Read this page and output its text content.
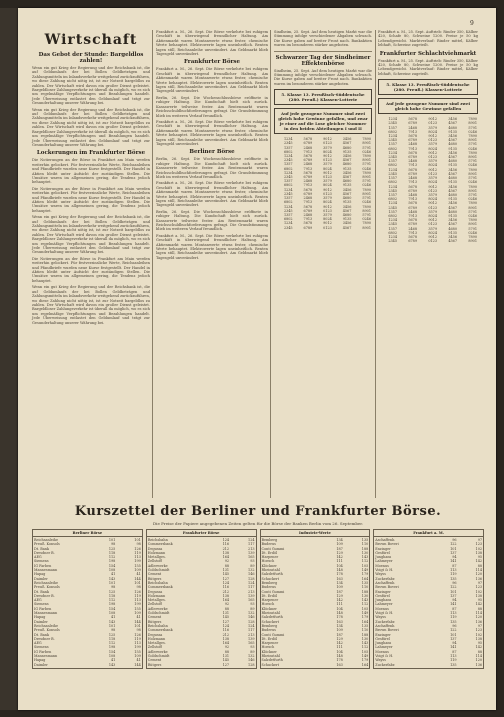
9
Wirtschaft
Das Gebot der Stunde: Bargeldlos zahlen!
Wenn ein gut Krieg der Regierung und der Reichsbank ist, die auf Geldumlaufs der bei Bollen Geldbeträgen und Zahlungsmitteln im Inlandsverkehr weitgehend zurückzuführen, wo diese Zahlung nicht nötig ist, ist zur Notzeit bargeldlos zu zahlen. Der Wirtschaft wird davon ein großer Dienst geleistet. Bargeldloser Zahlungsverkehr ist überall da möglich, wo es sich um regelmäßige Verpflichtungen und Bezahlungen handelt. Jede Überweisung entlastet den Geldumlauf und trägt zur Gesunderhaltung unserer Währung bei.
Wenn ein gut Krieg der Regierung und der Reichsbank ist, die auf Geldumlaufs der bei Bollen Geldbeträgen und Zahlungsmitteln im Inlandsverkehr weitgehend zurückzuführen, wo diese Zahlung nicht nötig ist, ist zur Notzeit bargeldlos zu zahlen. Der Wirtschaft wird davon ein großer Dienst geleistet. Bargeldloser Zahlungsverkehr ist überall da möglich, wo es sich um regelmäßige Verpflichtungen und Bezahlungen handelt. Jede Überweisung entlastet den Geldumlauf und trägt zur Gesunderhaltung unserer Währung bei.
Lockerungen im Frankfurter Börse
Die Notierungen an der Börse in Frankfurt am Main werden weiterhin gelockert. Für festverzinsliche Werte, Reichsanleihen und Pfandbriefe wurden neue Kurse festgestellt. Der Handel in Aktien bleibt unter Aufsicht der zuständigen Stellen. Die Umsätze waren im allgemeinen gering, die Tendenz jedoch behauptet.
Die Notierungen an der Börse in Frankfurt am Main werden weiterhin gelockert. Für festverzinsliche Werte, Reichsanleihen und Pfandbriefe wurden neue Kurse festgestellt. Der Handel in Aktien bleibt unter Aufsicht der zuständigen Stellen. Die Umsätze waren im allgemeinen gering, die Tendenz jedoch behauptet.
Wenn ein gut Krieg der Regierung und der Reichsbank ist, die auf Geldumlaufs der bei Bollen Geldbeträgen und Zahlungsmitteln im Inlandsverkehr weitgehend zurückzuführen, wo diese Zahlung nicht nötig ist, ist zur Notzeit bargeldlos zu zahlen. Der Wirtschaft wird davon ein großer Dienst geleistet. Bargeldloser Zahlungsverkehr ist überall da möglich, wo es sich um regelmäßige Verpflichtungen und Bezahlungen handelt. Jede Überweisung entlastet den Geldumlauf und trägt zur Gesunderhaltung unserer Währung bei.
Die Notierungen an der Börse in Frankfurt am Main werden weiterhin gelockert. Für festverzinsliche Werte, Reichsanleihen und Pfandbriefe wurden neue Kurse festgestellt. Der Handel in Aktien bleibt unter Aufsicht der zuständigen Stellen. Die Umsätze waren im allgemeinen gering, die Tendenz jedoch behauptet.
Wenn ein gut Krieg der Regierung und der Reichsbank ist, die auf Geldumlaufs der bei Bollen Geldbeträgen und Zahlungsmitteln im Inlandsverkehr weitgehend zurückzuführen, wo diese Zahlung nicht nötig ist, ist zur Notzeit bargeldlos zu zahlen. Der Wirtschaft wird davon ein großer Dienst geleistet. Bargeldloser Zahlungsverkehr ist überall da möglich, wo es sich um regelmäßige Verpflichtungen und Bezahlungen handelt. Jede Überweisung entlastet den Geldumlauf und trägt zur Gesunderhaltung unserer Währung bei.
Frankfurt a. M., 26. Sept. Die Börse verkehrte bei ruhigem Geschäft in überwiegend freundlicher Haltung. Am Aktienmarkt waren Montanwerte etwas fester, chemische Werte behauptet. Elektrowerte lagen uneinheitlich. Renten lagen still, Reichsanleihe unverändert. Am Geldmarkt blieb Tagesgeld unverändert.
Frankfurter Börse
Frankfurt a. M., 26. Sept. Die Börse verkehrte bei ruhigem Geschäft in überwiegend freundlicher Haltung. Am Aktienmarkt waren Montanwerte etwas fester, chemische Werte behauptet. Elektrowerte lagen uneinheitlich. Renten lagen still, Reichsanleihe unverändert. Am Geldmarkt blieb Tagesgeld unverändert.
Berlin, 26. Sept. Die Wochenschlussbörse eröffnete in ruhiger Haltung. Die Kundschaft hielt sich zurück. Kassawerte teilweise fester. Am Rentenmarkt waren Reichsschuldbuchforderungen gefragt. Die Grundstimmung blieb im weiteren Verlauf freundlich.
Frankfurt a. M., 26. Sept. Die Börse verkehrte bei ruhigem Geschäft in überwiegend freundlicher Haltung. Am Aktienmarkt waren Montanwerte etwas fester, chemische Werte behauptet. Elektrowerte lagen uneinheitlich. Renten lagen still, Reichsanleihe unverändert. Am Geldmarkt blieb Tagesgeld unverändert.
Berliner Börse
Berlin, 26. Sept. Die Wochenschlussbörse eröffnete in ruhiger Haltung. Die Kundschaft hielt sich zurück. Kassawerte teilweise fester. Am Rentenmarkt waren Reichsschuldbuchforderungen gefragt. Die Grundstimmung blieb im weiteren Verlauf freundlich.
Frankfurt a. M., 26. Sept. Die Börse verkehrte bei ruhigem Geschäft in überwiegend freundlicher Haltung. Am Aktienmarkt waren Montanwerte etwas fester, chemische Werte behauptet. Elektrowerte lagen uneinheitlich. Renten lagen still, Reichsanleihe unverändert. Am Geldmarkt blieb Tagesgeld unverändert.
Berlin, 26. Sept. Die Wochenschlussbörse eröffnete in ruhiger Haltung. Die Kundschaft hielt sich zurück. Kassawerte teilweise fester. Am Rentenmarkt waren Reichsschuldbuchforderungen gefragt. Die Grundstimmung blieb im weiteren Verlauf freundlich.
Frankfurt a. M., 26. Sept. Die Börse verkehrte bei ruhigem Geschäft in überwiegend freundlicher Haltung. Am Aktienmarkt waren Montanwerte etwas fester, chemische Werte behauptet. Elektrowerte lagen uneinheitlich. Renten lagen still, Reichsanleihe unverändert. Am Geldmarkt blieb Tagesgeld unverändert.
Sindheim, 25. Sept. Auf dem heutigen Markt war die Stimmung infolge verschiedener Abgaben schwach. Die Kurse gaben auf breiter Front nach. Bankaktien waren im besonderen stärker angeboten.
Schwarzer Tag der Sindheimer Effektenbörse
Sindheim, 25. Sept. Auf dem heutigen Markt war die Stimmung infolge verschiedener Abgaben schwach. Die Kurse gaben auf breiter Front nach. Bankaktien waren im besonderen stärker angeboten.
5. Klasse 13. Preußisch-Süddeutsche (280. Preuß.) Klassen-Lotterie
Auf jede gezogene Nummer sind zwei gleich hohe Gewinne gefallen, und zwar je einer auf die Lose gleicher Nummer in den beiden Abteilungen I und II
1234	5678	9012	3456	7890
2345	6789	0123	4567	8901
1357	2468	3579	4680	5791
6802	7913	8024	9135	0246
1234	5678	9012	3456	7890
2345	6789	0123	4567	8901
1357	2468	3579	4680	5791
6802	7913	8024	9135	0246
1234	5678	9012	3456	7890
2345	6789	0123	4567	8901
1357	2468	3579	4680	5791
6802	7913	8024	9135	0246
1234	5678	9012	3456	7890
2345	6789	0123	4567	8901
1357	2468	3579	4680	5791
6802	7913	8024	9135	0246
1234	5678	9012	3456	7890
2345	6789	0123	4567	8901
1357	2468	3579	4680	5791
6802	7913	8024	9135	0246
1234	5678	9012	3456	7890
2345	6789	0123	4567	8901
Frankfurt a. M., 25. Sept. Auftrieb: Rinder 350, Kälber 420, Schafe 80, Schweine 1200. Preise je 50 kg Lebendgewicht. Marktverlauf: Rinder mittel, Kälber lebhaft, Schweine zugeteilt.
Frankfurter Schlachtviehmarkt
Frankfurt a. M., 25. Sept. Auftrieb: Rinder 350, Kälber 420, Schafe 80, Schweine 1200. Preise je 50 kg Lebendgewicht. Marktverlauf: Rinder mittel, Kälber lebhaft, Schweine zugeteilt.
5. Klasse 13. Preußisch-Süddeutsche (280. Preuß.) Klassen-Lotterie
Auf jede gezogene Nummer sind zwei gleich hohe Gewinne gefallen
1234	5678	9012	3456	7890
2345	6789	0123	4567	8901
1357	2468	3579	4680	5791
6802	7913	8024	9135	0246
1234	5678	9012	3456	7890
2345	6789	0123	4567	8901
1357	2468	3579	4680	5791
6802	7913	8024	9135	0246
1234	5678	9012	3456	7890
2345	6789	0123	4567	8901
1357	2468	3579	4680	5791
6802	7913	8024	9135	0246
1234	5678	9012	3456	7890
2345	6789	0123	4567	8901
1357	2468	3579	4680	5791
6802	7913	8024	9135	0246
1234	5678	9012	3456	7890
2345	6789	0123	4567	8901
1357	2468	3579	4680	5791
6802	7913	8024	9135	0246
1234	5678	9012	3456	7890
2345	6789	0123	4567	8901
1357	2468	3579	4680	5791
6802	7913	8024	9135	0246
1234	5678	9012	3456	7890
2345	6789	0123	4567	8901
1357	2468	3579	4680	5791
6802	7913	8024	9135	0246
1234	5678	9012	3456	7890
2345	6789	0123	4567	8901
Kurszettel der Berliner und Frankfurter Börse.
Die Preise der Papiere angegebenen Zeiten gelten für die Börse der Banken Berlin vom 26. September.
Berliner Börse
Reichsanleihe	101	101
Preuß. Konsols	98	98
Dt. Bank	125	126
Dresdner B.	118	119
AEG	112	113
Siemens	198	199
IG Farben	154	155
Mannesmann	108	109
Hapag	41	41
Daimler	143	144
Reichsanleihe	101	101
Preuß. Konsols	98	98
Dt. Bank	125	126
Dresdner B.	118	119
AEG	112	113
Siemens	198	199
IG Farben	154	155
Mannesmann	108	109
Hapag	41	41
Daimler	143	144
Reichsanleihe	101	101
Preuß. Konsols	98	98
Dt. Bank	125	126
Dresdner B.	118	119
AEG	112	113
Siemens	198	199
IG Farben	154	155
Mannesmann	108	109
Hapag	41	41
Daimler	143	144
Frankfurter Börse
Reichsbahn	124	124
Commerzbank	116	117
Degussa	212	213
Holzmann	138	139
Metallges.	164	165
Zellstoff	92	93
Adlerwerke	88	89
Goldschmidt	131	132
Cement	145	146
Rütgers	127	128
Reichsbahn	124	124
Commerzbank	116	117
Degussa	212	213
Holzmann	138	139
Metallges.	164	165
Zellstoff	92	93
Adlerwerke	88	89
Goldschmidt	131	132
Cement	145	146
Rütgers	127	128
Reichsbahn	124	124
Commerzbank	116	117
Degussa	212	213
Holzmann	138	139
Metallges.	164	165
Zellstoff	92	93
Adlerwerke	88	89
Goldschmidt	131	132
Cement	145	146
Rütgers	127	128
Industrie-Werte
Bemberg	134	135
Buderus	109	110
Conti Gummi	187	188
Dt. Erdöl	129	130
Harpener	142	143
Hoesch	111	112
Klöckner	104	105
Rheinstahl	148	149
Salzdetfurth	178	179
Schuckert	163	164
Bemberg	134	135
Buderus	109	110
Conti Gummi	187	188
Dt. Erdöl	129	130
Harpener	142	143
Hoesch	111	112
Klöckner	104	105
Rheinstahl	148	149
Salzdetfurth	178	179
Schuckert	163	164
Bemberg	134	135
Buderus	109	110
Conti Gummi	187	188
Dt. Erdöl	129	130
Harpener	142	143
Hoesch	111	112
Klöckner	104	105
Rheinstahl	148	149
Salzdetfurth	178	179
Schuckert	163	164
Frankfurt a. M.
Aschaffenb.	96	97
Brown Boveri	122	123
Enzinger	101	102
Gesfürel	137	138
Junghans	94	95
Lahmeyer	141	142
Moenus	87	88
Voigt & H.	113	114
Wayss	119	120
Zuckerfabr.	135	136
Aschaffenb.	96	97
Brown Boveri	122	123
Enzinger	101	102
Gesfürel	137	138
Junghans	94	95
Lahmeyer	141	142
Moenus	87	88
Voigt & H.	113	114
Wayss	119	120
Zuckerfabr.	135	136
Aschaffenb.	96	97
Brown Boveri	122	123
Enzinger	101	102
Gesfürel	137	138
Junghans	94	95
Lahmeyer	141	142
Moenus	87	88
Voigt & H.	113	114
Wayss	119	120
Zuckerfabr.	135	136
